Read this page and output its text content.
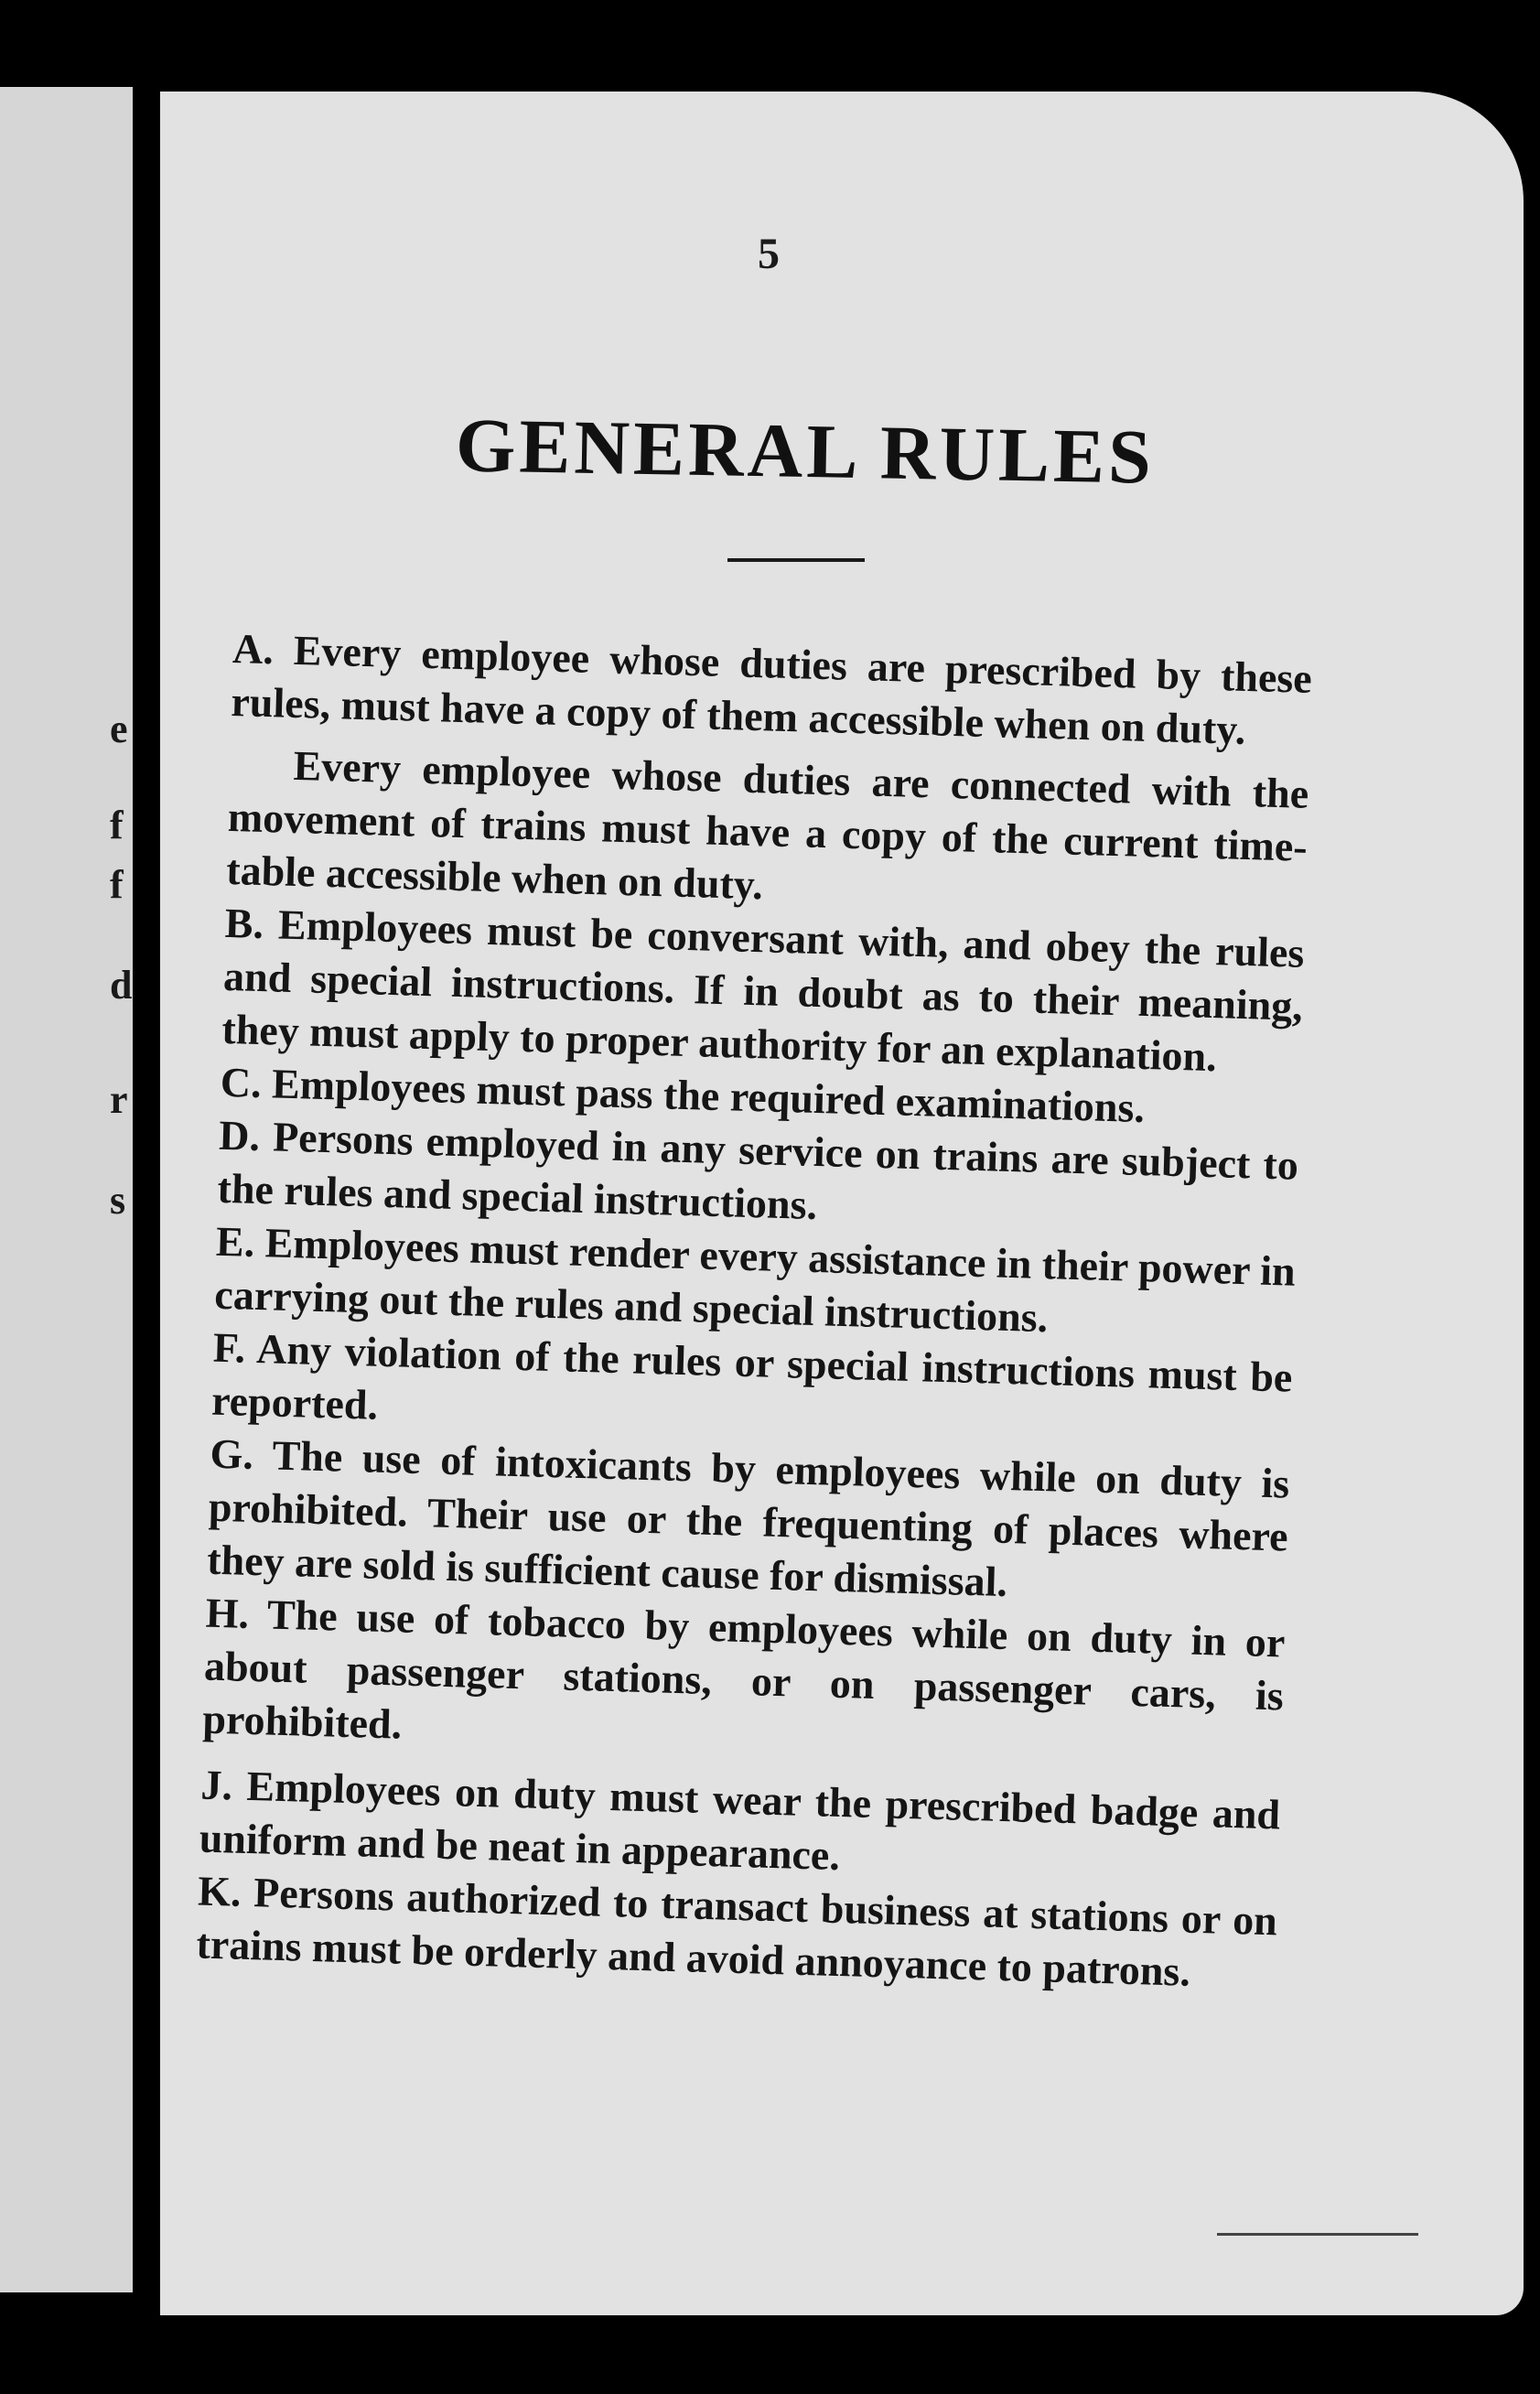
e
f
f
d
r
s
5
GENERAL RULES

A. Every employee whose duties are prescribed by these rules, must have a copy of them accessible when on duty.

Every employee whose duties are connected with the movement of trains must have a copy of the current time-table accessible when on duty.

B. Employees must be conversant with, and obey the rules and special instructions. If in doubt as to their meaning, they must apply to proper authority for an explanation.

C. Employees must pass the required examinations.

D. Persons employed in any service on trains are subject to the rules and special instructions.

E. Employees must render every assistance in their power in carrying out the rules and special instructions.

F. Any violation of the rules or special instructions must be reported.

G. The use of intoxicants by employees while on duty is prohibited. Their use or the frequenting of places where they are sold is sufficient cause for dismissal.

H. The use of tobacco by employees while on duty in or about passenger stations, or on passenger cars, is prohibited.

J. Employees on duty must wear the prescribed badge and uniform and be neat in appearance.

K. Persons authorized to transact business at stations or on trains must be orderly and avoid annoyance to patrons.
